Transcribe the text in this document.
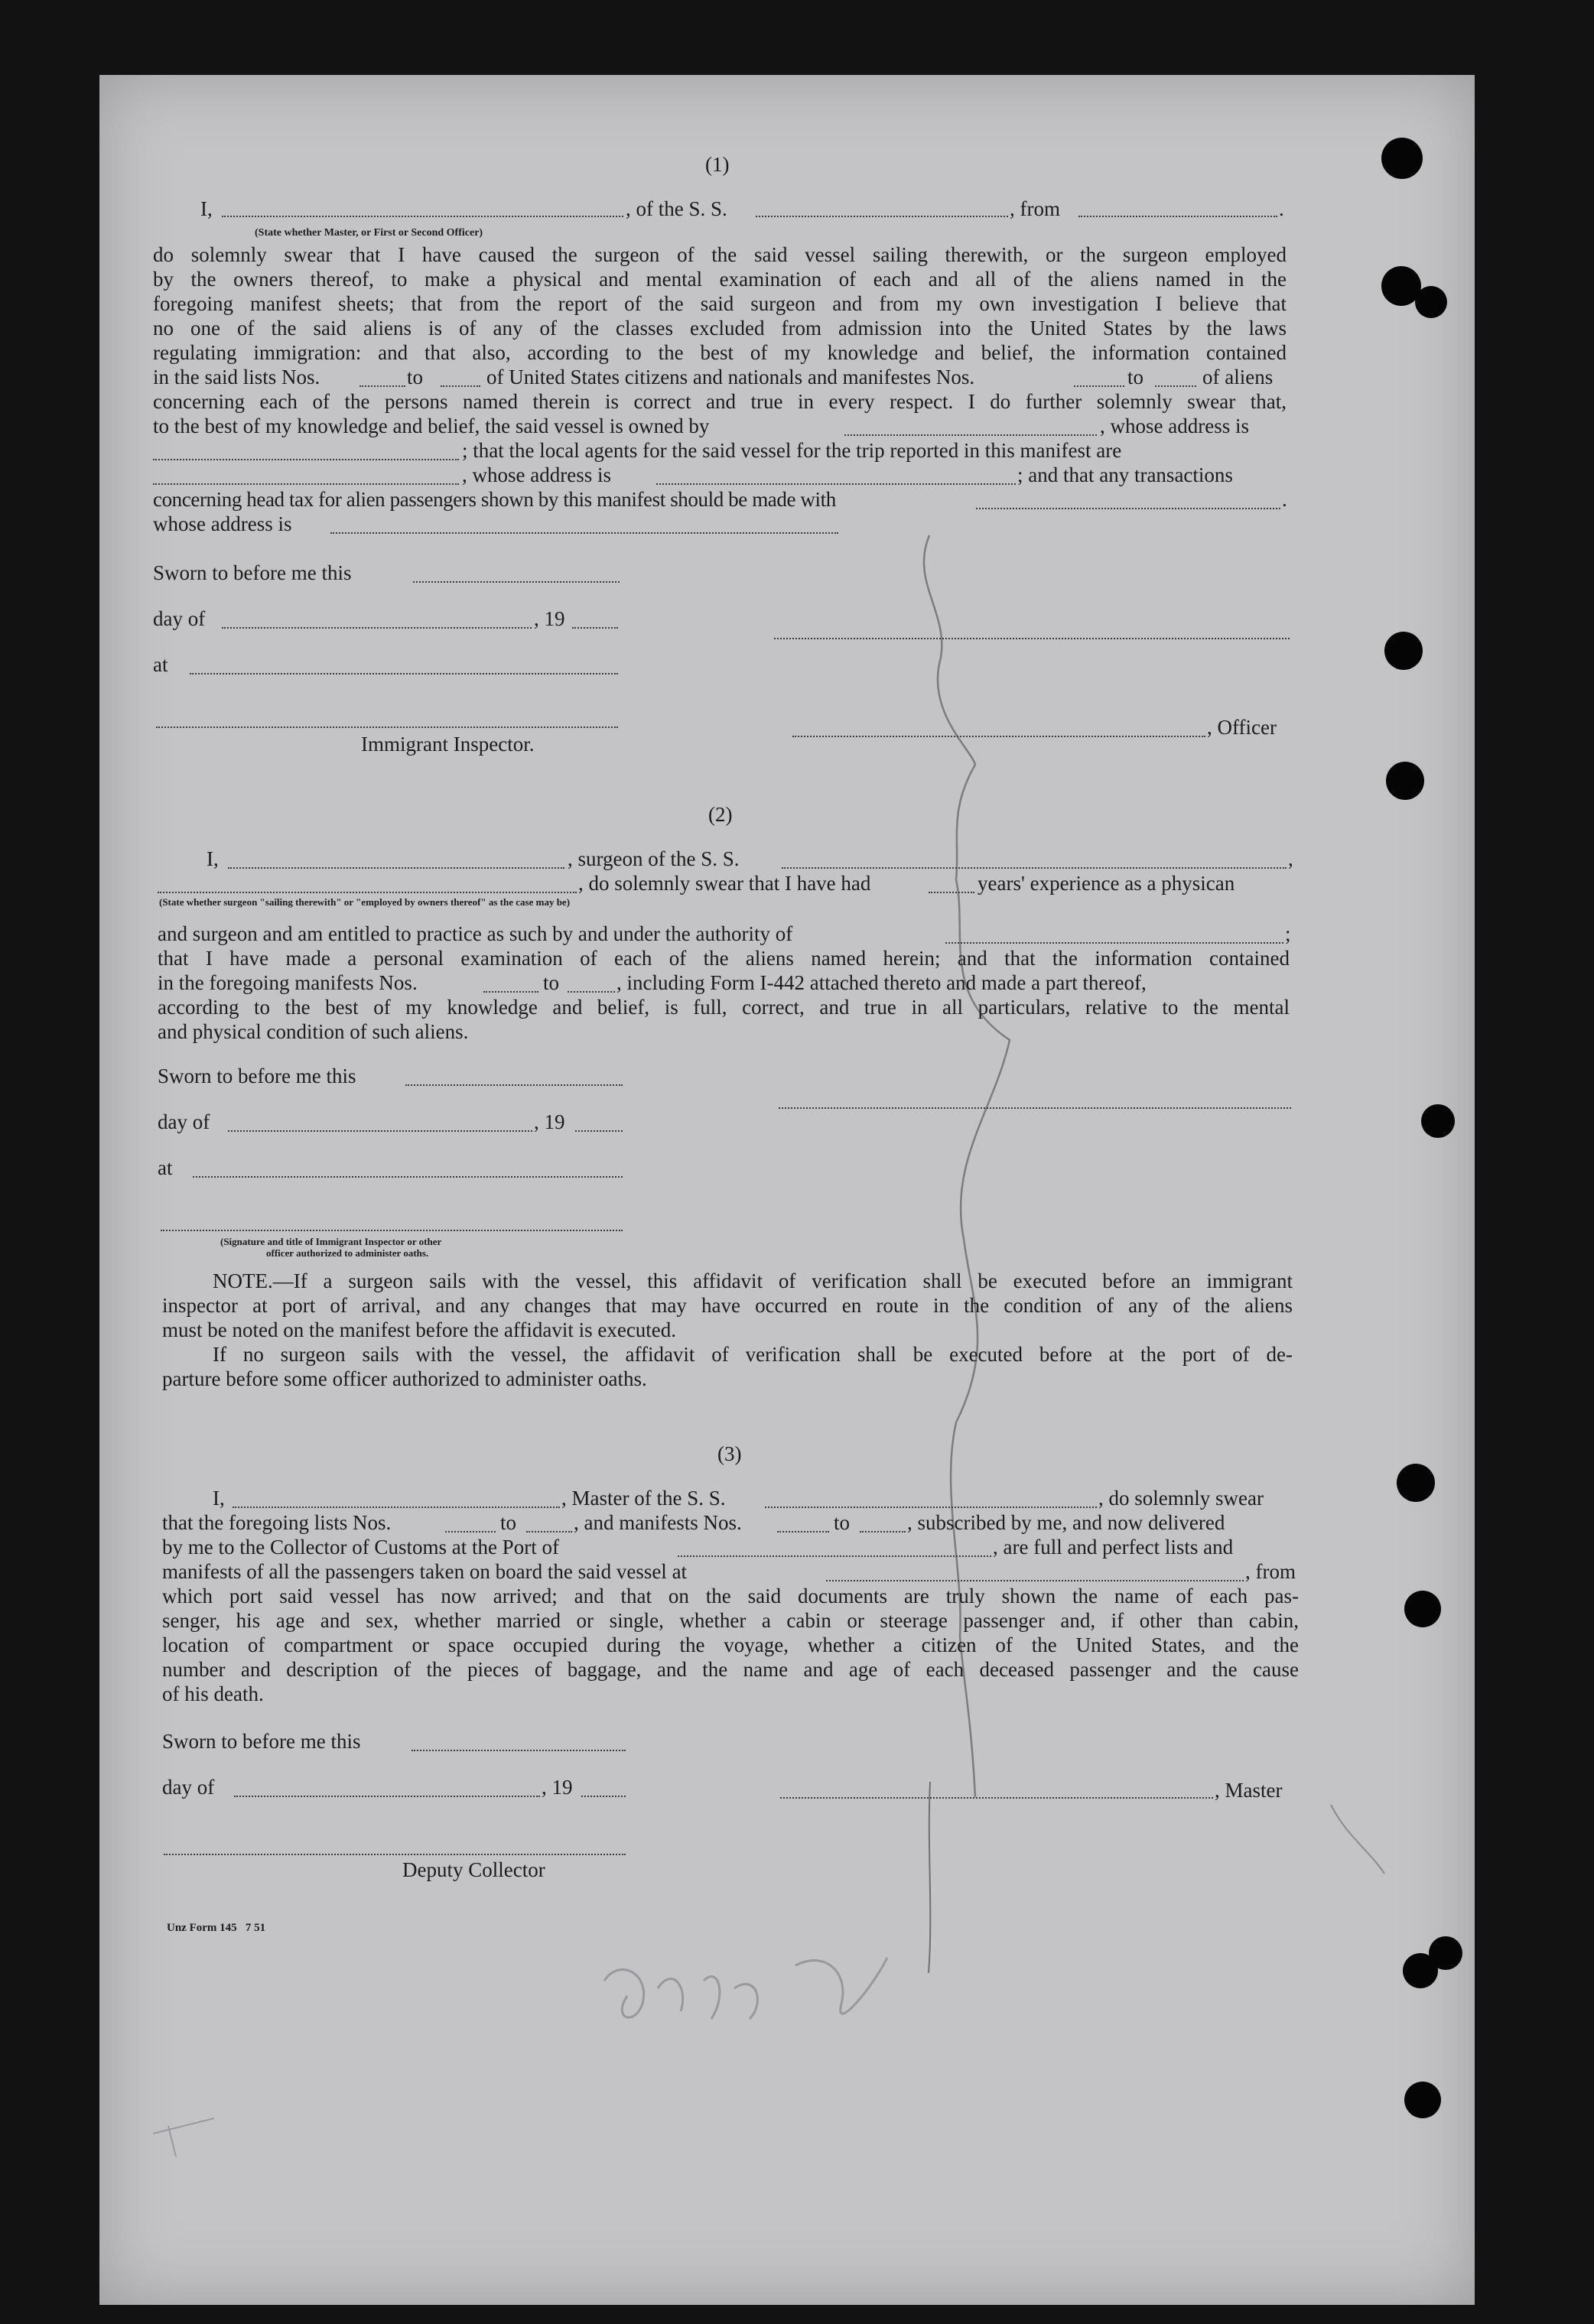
(1)
I,	, of the S. S.	, from	.
(State whether Master, or First or Second Officer)
do solemnly swear that I have caused the surgeon of the said vessel sailing therewith, or the surgeon employed
by the owners thereof, to make a physical and mental examination of each and all of the aliens named in the
foregoing manifest sheets; that from the report of the said surgeon and from my own investigation I believe that
no one of the said aliens is of any of the classes excluded from admission into the United States by the laws
regulating immigration: and that also, according to the best of my knowledge and belief, the information contained
in the said lists Nos.	to	of United States citizens and nationals and manifestes Nos.	to	of aliens
concerning each of the persons named therein is correct and true in every respect. I do further solemnly swear that,
to the best of my knowledge and belief, the said vessel is owned by	, whose address is
; that the local agents for the said vessel for the trip reported in this manifest are
, whose address is	; and that any transactions
concerning head tax for alien passengers shown by this manifest should be made with	.
whose address is
Sworn to before me this
day of	, 19
at
, Officer
Immigrant Inspector.
(2)
I,	, surgeon of the S. S.	,
, do solemnly swear that I have had	years' experience as a physican
(State whether surgeon "sailing therewith" or "employed by owners thereof" as the case may be)
and surgeon and am entitled to practice as such by and under the authority of	;
that I have made a personal examination of each of the aliens named herein; and that the information contained
in the foregoing manifests Nos.	to	, including Form I-442 attached thereto and made a part thereof,
according to the best of my knowledge and belief, is full, correct, and true in all particulars, relative to the mental
and physical condition of such aliens.
Sworn to before me this
day of	, 19
at
(Signature and title of Immigrant Inspector or other
officer authorized to administer oaths.
NOTE.—If a surgeon sails with the vessel, this affidavit of verification shall be executed before an immigrant
inspector at port of arrival, and any changes that may have occurred en route in the condition of any of the aliens
must be noted on the manifest before the affidavit is executed.
If no surgeon sails with the vessel, the affidavit of verification shall be executed before at the port of de-
parture before some officer authorized to administer oaths.
(3)
I,	, Master of the S. S.	, do solemnly swear
that the foregoing lists Nos.	to	, and manifests Nos.	to	, subscribed by me, and now delivered
by me to the Collector of Customs at the Port of	, are full and perfect lists and
manifests of all the passengers taken on board the said vessel at	, from
which port said vessel has now arrived; and that on the said documents are truly shown the name of each pas-
senger, his age and sex, whether married or single, whether a cabin or steerage passenger and, if other than cabin,
location of compartment or space occupied during the voyage, whether a citizen of the United States, and the
number and description of the pieces of baggage, and the name and age of each deceased passenger and the cause
of his death.
Sworn to before me this
day of	, 19	, Master
Deputy Collector
Unz Form 145   7 51
